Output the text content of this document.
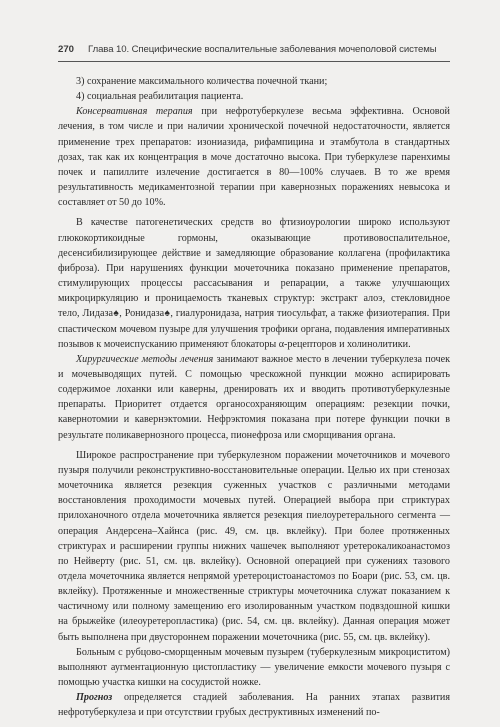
270 Глава 10. Специфические воспалительные заболевания мочеполовой системы

3) сохранение максимального количества почечной ткани;

4) социальная реабилитация пациента.

Консервативная терапия при нефротуберкулезе весьма эффективна. Основой лечения, в том числе и при наличии хронической почечной недостаточности, является применение трех препаратов: изониазида, рифампицина и этамбутола в стандартных дозах, так как их концентрация в моче достаточно высока. При туберкулезе паренхимы почек и папиллите излечение достигается в 80—100% случаев. В то же время результативность медикаментозной терапии при кавернозных поражениях невысока и составляет от 50 до 10%.

В качестве патогенетических средств во фтизиоурологии широко используют глюкокортикоидные гормоны, оказывающие противовоспалительное, десенсибилизирующее действие и замедляющие образование коллагена (профилактика фиброза). При нарушениях функции мочеточника показано применение препаратов, стимулирующих процессы рассасывания и репарации, а также улучшающих микроциркуляцию и проницаемость тканевых структур: экстракт алоэ, стекловидное тело, Лидаза♠, Ронидаза♠, гиалуронидаза, натрия тиосульфат, а также физиотерапия. При спастическом мочевом пузыре для улучшения трофики органа, подавления императивных позывов к мочеиспусканию применяют блокаторы α-рецепторов и холинолитики.

Хирургические методы лечения занимают важное место в лечении туберкулеза почек и мочевыводящих путей. С помощью чрескожной пункции можно аспирировать содержимое лоханки или каверны, дренировать их и вводить противотуберкулезные препараты. Приоритет отдается органосохраняющим операциям: резекции почки, кавернотомии и кавернэктомии. Нефрэктомия показана при потере функции почки в результате поликавернозного процесса, пионефроза или сморщивания органа.

Широкое распространение при туберкулезном поражении мочеточников и мочевого пузыря получили реконструктивно-восстановительные операции. Целью их при стенозах мочеточника является резекция суженных участков с различными методами восстановления проходимости мочевых путей. Операцией выбора при стриктурах прилоханочного отдела мочеточника является резекция пиелоуретерального сегмента — операция Андерсена–Хайнса (рис. 49, см. цв. вклейку). При более протяженных стриктурах и расширении группы нижних чашечек выполняют уретерокаликоанастомоз по Нейверту (рис. 51, см. цв. вклейку). Основной операцией при сужениях тазового отдела мочеточника является непрямой уретероцистоанастомоз по Боари (рис. 53, см. цв. вклейку). Протяженные и множественные стриктуры мочеточника служат показанием к частичному или полному замещению его изолированным участком подвздошной кишки на брыжейке (илеоуретеропластика) (рис. 54, см. цв. вклейку). Данная операция может быть выполнена при двустороннем поражении мочеточника (рис. 55, см. цв. вклейку).

Больным с рубцово-сморщенным мочевым пузырем (туберкулезным микроциститом) выполняют аугментационную цистопластику — увеличение емкости мочевого пузыря с помощью участка кишки на сосудистой ножке.

Прогноз определяется стадией заболевания. На ранних этапах развития нефротуберкулеза и при отсутствии грубых деструктивных изменений по-
